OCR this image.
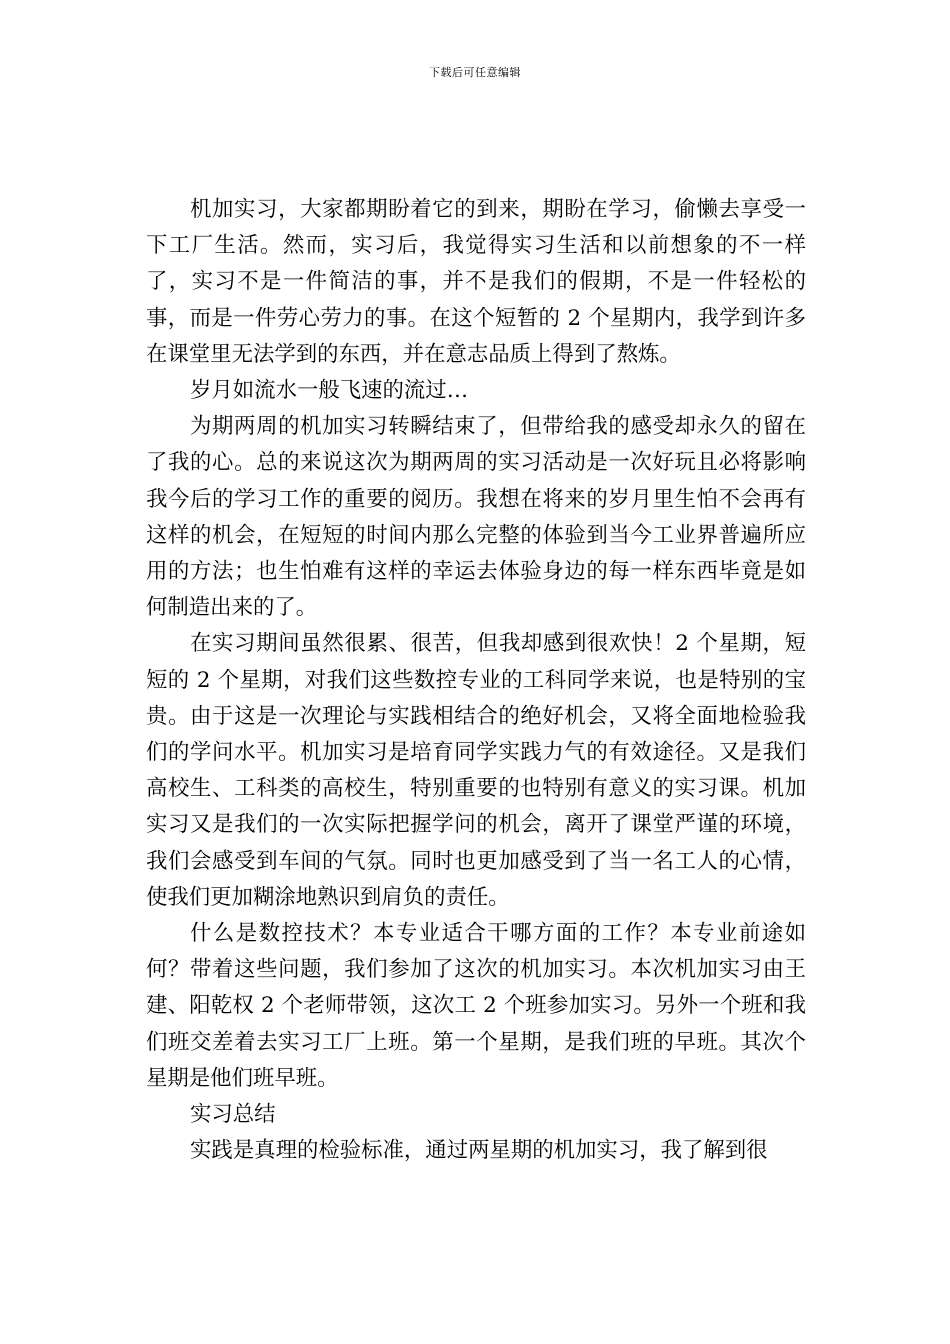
下载后可任意编辑

机加实习，大家都期盼着它的到来，期盼在学习，偷懒去享受一下工厂生活。然而，实习后，我觉得实习生活和以前想象的不一样了，实习不是一件简洁的事，并不是我们的假期，不是一件轻松的事，而是一件劳心劳力的事。在这个短暂的 2 个星期内，我学到许多在课堂里无法学到的东西，并在意志品质上得到了熬炼。

岁月如流水一般飞速的流过…

为期两周的机加实习转瞬结束了，但带给我的感受却永久的留在了我的心。总的来说这次为期两周的实习活动是一次好玩且必将影响我今后的学习工作的重要的阅历。我想在将来的岁月里生怕不会再有这样的机会，在短短的时间内那么完整的体验到当今工业界普遍所应用的方法；也生怕难有这样的幸运去体验身边的每一样东西毕竟是如何制造出来的了。

在实习期间虽然很累、很苦，但我却感到很欢快！2 个星期，短短的 2 个星期，对我们这些数控专业的工科同学来说，也是特别的宝贵。由于这是一次理论与实践相结合的绝好机会，又将全面地检验我们的学问水平。机加实习是培育同学实践力气的有效途径。又是我们高校生、工科类的高校生，特别重要的也特别有意义的实习课。机加实习又是我们的一次实际把握学问的机会，离开了课堂严谨的环境，我们会感受到车间的气氛。同时也更加感受到了当一名工人的心情，使我们更加糊涂地熟识到肩负的责任。

什么是数控技术？本专业适合干哪方面的工作？本专业前途如何？带着这些问题，我们参加了这次的机加实习。本次机加实习由王建、阳乾权 2 个老师带领，这次工 2 个班参加实习。另外一个班和我们班交差着去实习工厂上班。第一个星期，是我们班的早班。其次个星期是他们班早班。

实习总结

实践是真理的检验标准，通过两星期的机加实习，我了解到很
